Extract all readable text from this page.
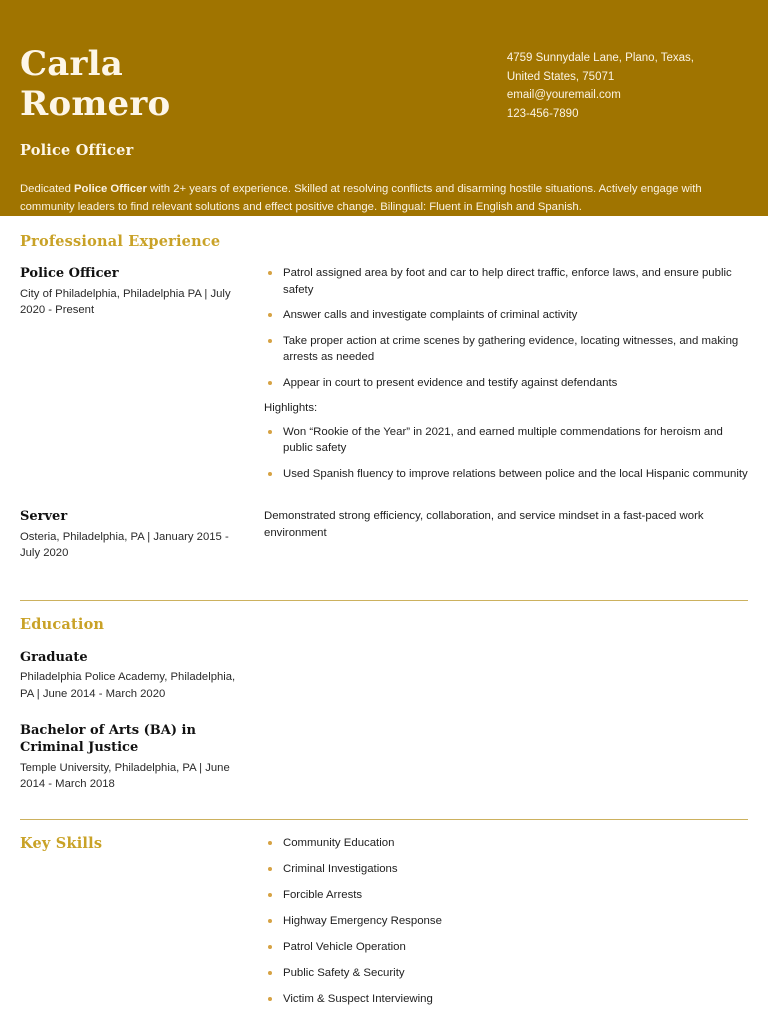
Carla
Romero
Police Officer
4759 Sunnydale Lane, Plano, Texas,
United States, 75071
email@youremail.com
123-456-7890
Dedicated Police Officer with 2+ years of experience. Skilled at resolving conflicts and disarming hostile situations. Actively engage with community leaders to find relevant solutions and effect positive change. Bilingual: Fluent in English and Spanish.
Professional Experience
Police Officer
City of Philadelphia, Philadelphia PA | July 2020 - Present
Patrol assigned area by foot and car to help direct traffic, enforce laws, and ensure public safety
Answer calls and investigate complaints of criminal activity
Take proper action at crime scenes by gathering evidence, locating witnesses, and making arrests as needed
Appear in court to present evidence and testify against defendants
Highlights:
Won “Rookie of the Year” in 2021, and earned multiple commendations for heroism and public safety
Used Spanish fluency to improve relations between police and the local Hispanic community
Server
Osteria, Philadelphia, PA | January 2015 - July 2020
Demonstrated strong efficiency, collaboration, and service mindset in a fast-paced work environment
Education
Graduate
Philadelphia Police Academy, Philadelphia, PA | June 2014 - March 2020
Bachelor of Arts (BA) in Criminal Justice
Temple University, Philadelphia, PA | June 2014 - March 2018
Key Skills	Community Education
Criminal Investigations
Forcible Arrests
Highway Emergency Response
Patrol Vehicle Operation
Public Safety & Security
Victim & Suspect Interviewing
